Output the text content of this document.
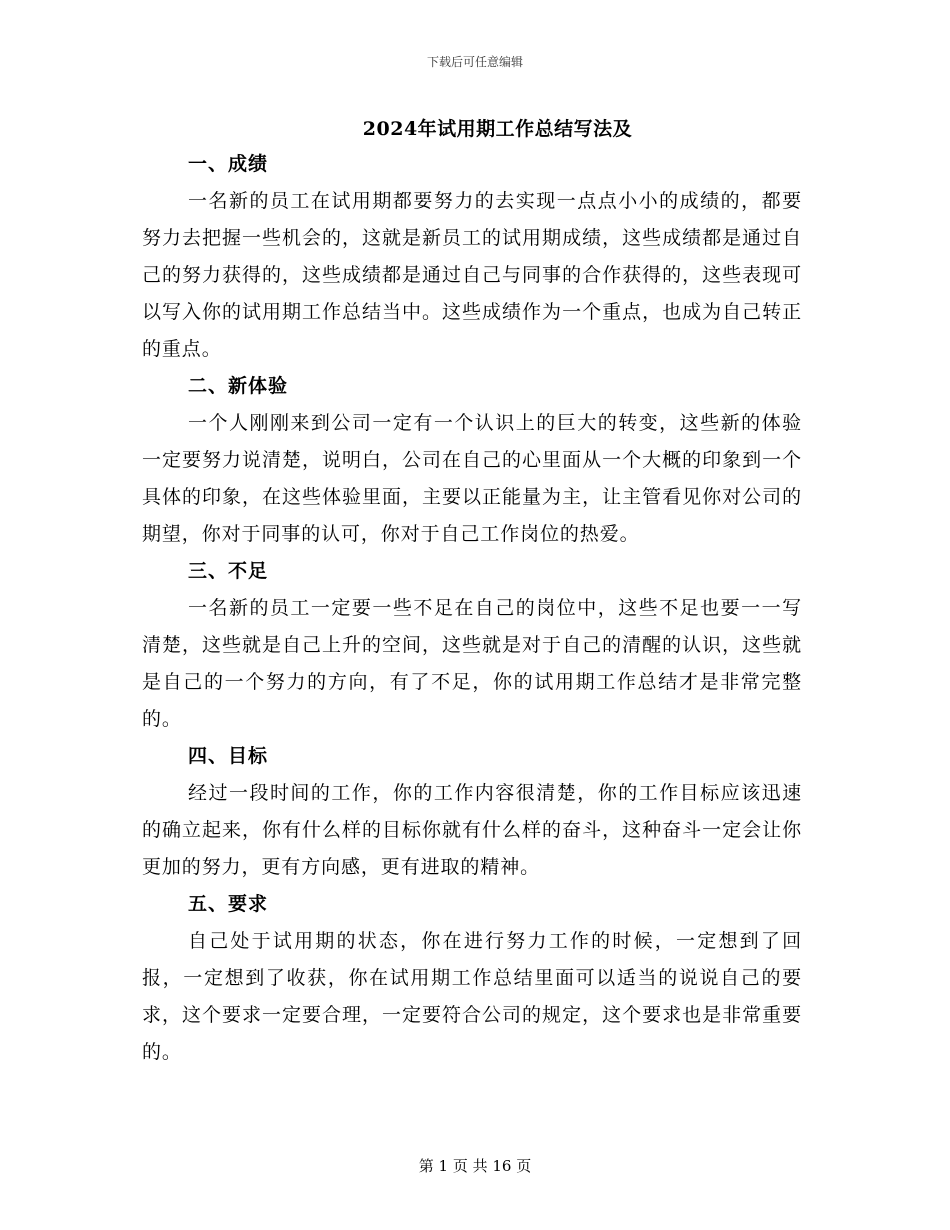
下载后可任意编辑
2024年试用期工作总结写法及

一、成绩

一名新的员工在试用期都要努力的去实现一点点小小的成绩的，都要努力去把握一些机会的，这就是新员工的试用期成绩，这些成绩都是通过自己的努力获得的，这些成绩都是通过自己与同事的合作获得的，这些表现可以写入你的试用期工作总结当中。这些成绩作为一个重点，也成为自己转正的重点。

二、新体验

一个人刚刚来到公司一定有一个认识上的巨大的转变，这些新的体验一定要努力说清楚，说明白，公司在自己的心里面从一个大概的印象到一个具体的印象，在这些体验里面，主要以正能量为主，让主管看见你对公司的期望，你对于同事的认可，你对于自己工作岗位的热爱。

三、不足

一名新的员工一定要一些不足在自己的岗位中，这些不足也要一一写清楚，这些就是自己上升的空间，这些就是对于自己的清醒的认识，这些就是自己的一个努力的方向，有了不足，你的试用期工作总结才是非常完整的。

四、目标

经过一段时间的工作，你的工作内容很清楚，你的工作目标应该迅速的确立起来，你有什么样的目标你就有什么样的奋斗，这种奋斗一定会让你更加的努力，更有方向感，更有进取的精神。

五、要求

自己处于试用期的状态，你在进行努力工作的时候，一定想到了回报，一定想到了收获，你在试用期工作总结里面可以适当的说说自己的要求，这个要求一定要合理，一定要符合公司的规定，这个要求也是非常重要的。

第 1 页 共 16 页
